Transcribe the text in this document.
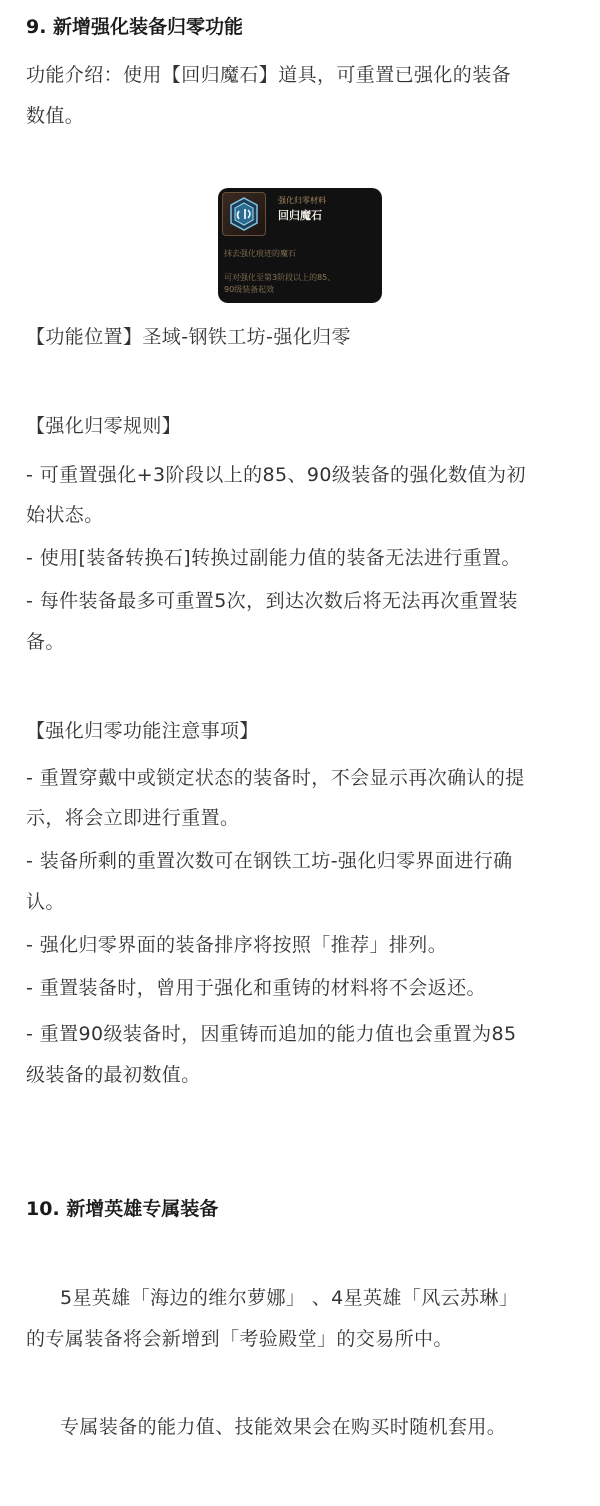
9. 新增强化装备归零功能
功能介绍：使用【回归魔石】道具，可重置已强化的装备
数值。
强化归零材料
回归魔石
抹去强化痕迹的魔石
可对强化至第3阶段以上的85、
90级装备起效
【功能位置】圣域-钢铁工坊-强化归零
【强化归零规则】
- 可重置强化+3阶段以上的85、90级装备的强化数值为初
始状态。
- 使用[装备转换石]转换过副能力值的装备无法进行重置。
- 每件装备最多可重置5次，到达次数后将无法再次重置装
备。
【强化归零功能注意事项】
- 重置穿戴中或锁定状态的装备时，不会显示再次确认的提
示，将会立即进行重置。
- 装备所剩的重置次数可在钢铁工坊-强化归零界面进行确
认。
- 强化归零界面的装备排序将按照「推荐」排列。
- 重置装备时，曾用于强化和重铸的材料将不会返还。
- 重置90级装备时，因重铸而追加的能力值也会重置为85
级装备的最初数值。
10. 新增英雄专属装备
5星英雄「海边的维尔萝娜」 、4星英雄「风云苏琳」
的专属装备将会新增到「考验殿堂」的交易所中。
专属装备的能力值、技能效果会在购买时随机套用。
